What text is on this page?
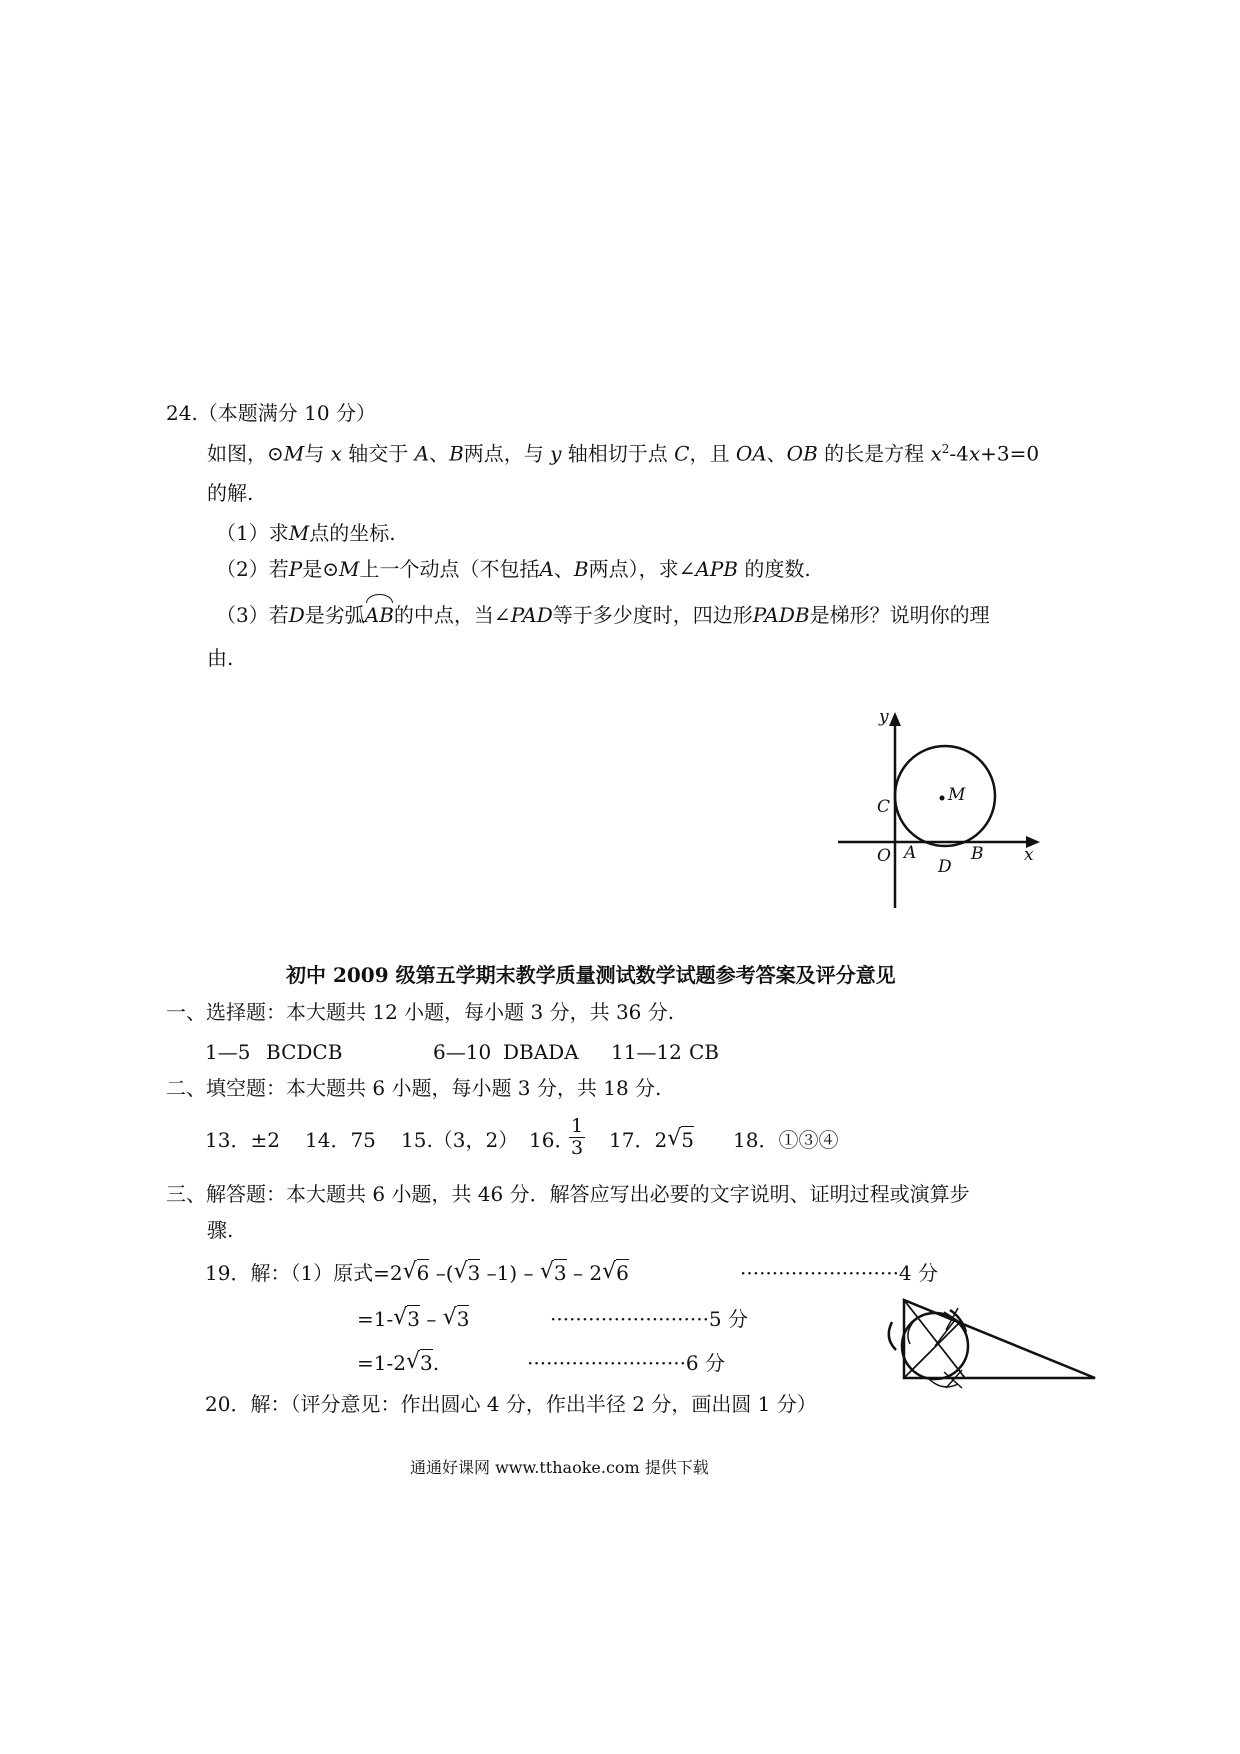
24.（本题满分 10 分）
如图，⊙M与 x 轴交于 A、B两点，与 y 轴相切于点 C，且 OA、OB 的长是方程 $x^2-4x+3=0$
的解.
（1）求M点的坐标.
（2）若P是⊙M上一个动点（不包括A、B两点），求∠APB 的度数.
（3）若D是劣弧AB的中点，当∠PAD等于多少度时，四边形PADB是梯形？说明你的理
由.
y
x
M
C
O A	B
D
初中 2009 级第五学期末教学质量测试数学试题参考答案及评分意见
一、选择题：本大题共 12 小题，每小题 3 分，共 36 分.
1—5 BCDCB	6—10 DBADA 11—12 CB
二、填空题：本大题共 6 小题，每小题 3 分，共 18 分.
13．±2 14．75 15.（3，2） 16．
$\frac{1}{3} 17$．2 √ 5 18．①③④
三、解答题：本大题共 6 小题，共 46 分．解答应写出必要的文字说明、证明过程或演算步
骤.
19．解：（1）原式=2 √ 6 –( √ 3 –1) – √ 3 – 2 √ 6	·························4 分
=1- √ 3 – √ 3	·························5 分
=1-2 √ 3.	·························6 分
20．解：（评分意见：作出圆心 4 分，作出半径 2 分，画出圆 1 分）
通通好课网 www.tthaoke.com 提供下载
